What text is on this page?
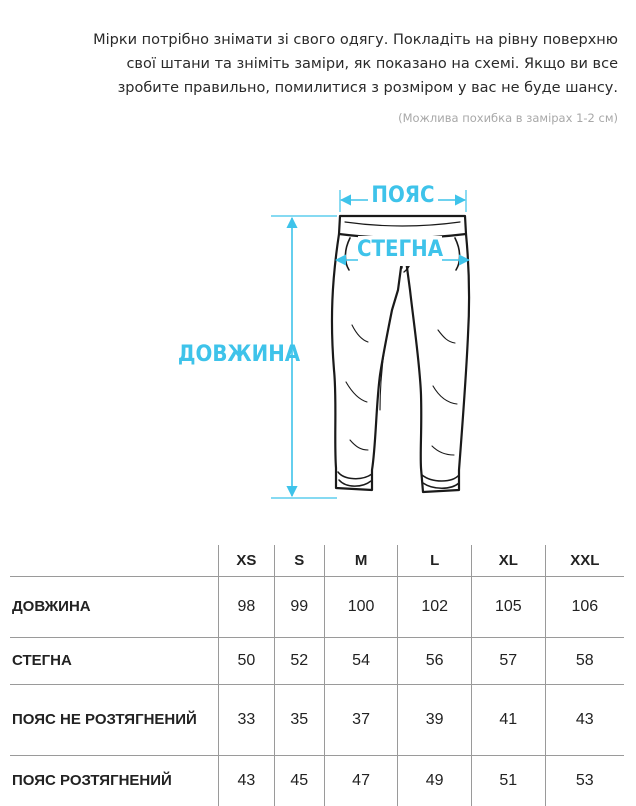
Мірки потрібно знімати зі свого одягу. Покладіть на рівну поверхню

свої штани та зніміть заміри, як показано на схемі. Якщо ви все

зробите правильно, помилитися з розміром у вас не буде шансу.

(Можлива похибка в замірах 1-2 см)
ПОЯС
СТЕГНА
ДОВЖИНА
	XS	S	M	L	XL	XXL
ДОВЖИНА	98	99	100	102	105	106
СТЕГНА	50	52	54	56	57	58
ПОЯС НЕ РОЗТЯГНЕНИЙ	33	35	37	39	41	43
ПОЯС РОЗТЯГНЕНИЙ	43	45	47	49	51	53
